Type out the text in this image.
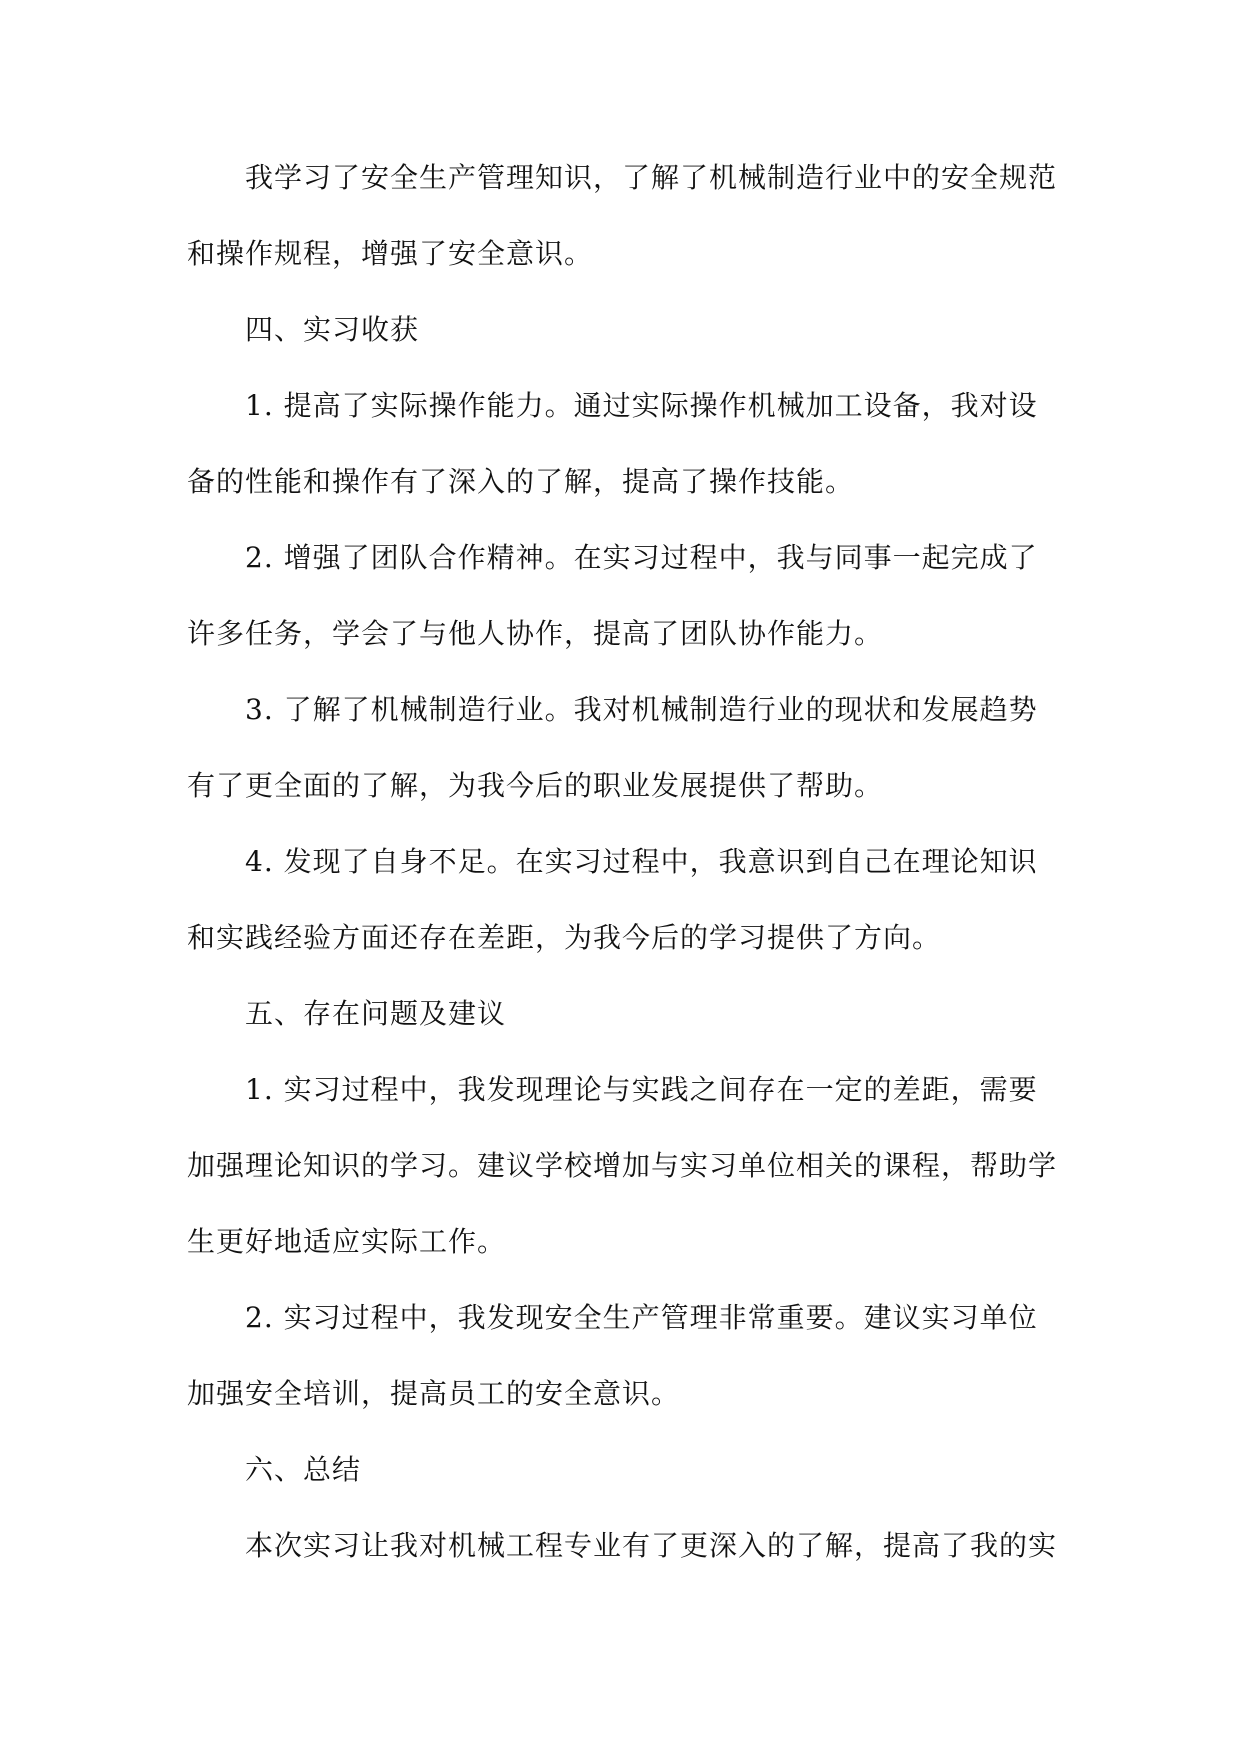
我学习了安全生产管理知识，了解了机械制造行业中的安全规范和操作规程，增强了安全意识。

四、实习收获

1. 提高了实际操作能力。通过实际操作机械加工设备，我对设备的性能和操作有了深入的了解，提高了操作技能。

2. 增强了团队合作精神。在实习过程中，我与同事一起完成了许多任务，学会了与他人协作，提高了团队协作能力。

3. 了解了机械制造行业。我对机械制造行业的现状和发展趋势有了更全面的了解，为我今后的职业发展提供了帮助。

4. 发现了自身不足。在实习过程中，我意识到自己在理论知识和实践经验方面还存在差距，为我今后的学习提供了方向。

五、存在问题及建议

1. 实习过程中，我发现理论与实践之间存在一定的差距，需要加强理论知识的学习。建议学校增加与实习单位相关的课程，帮助学生更好地适应实际工作。

2. 实习过程中，我发现安全生产管理非常重要。建议实习单位加强安全培训，提高员工的安全意识。

六、总结

本次实习让我对机械工程专业有了更深入的了解，提高了我的实
